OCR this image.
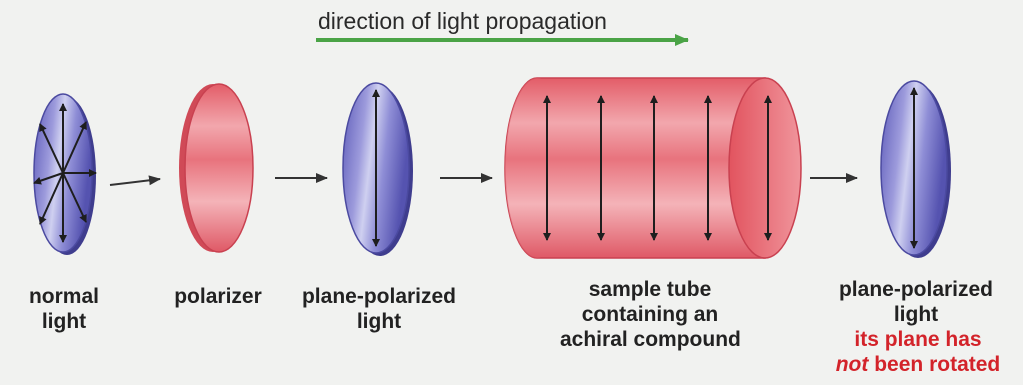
direction of light propagation
normal
light
polarizer plane-polarized
light
sample tube
containing an
achiral compound
plane-polarized
light
its plane has
not been rotated
